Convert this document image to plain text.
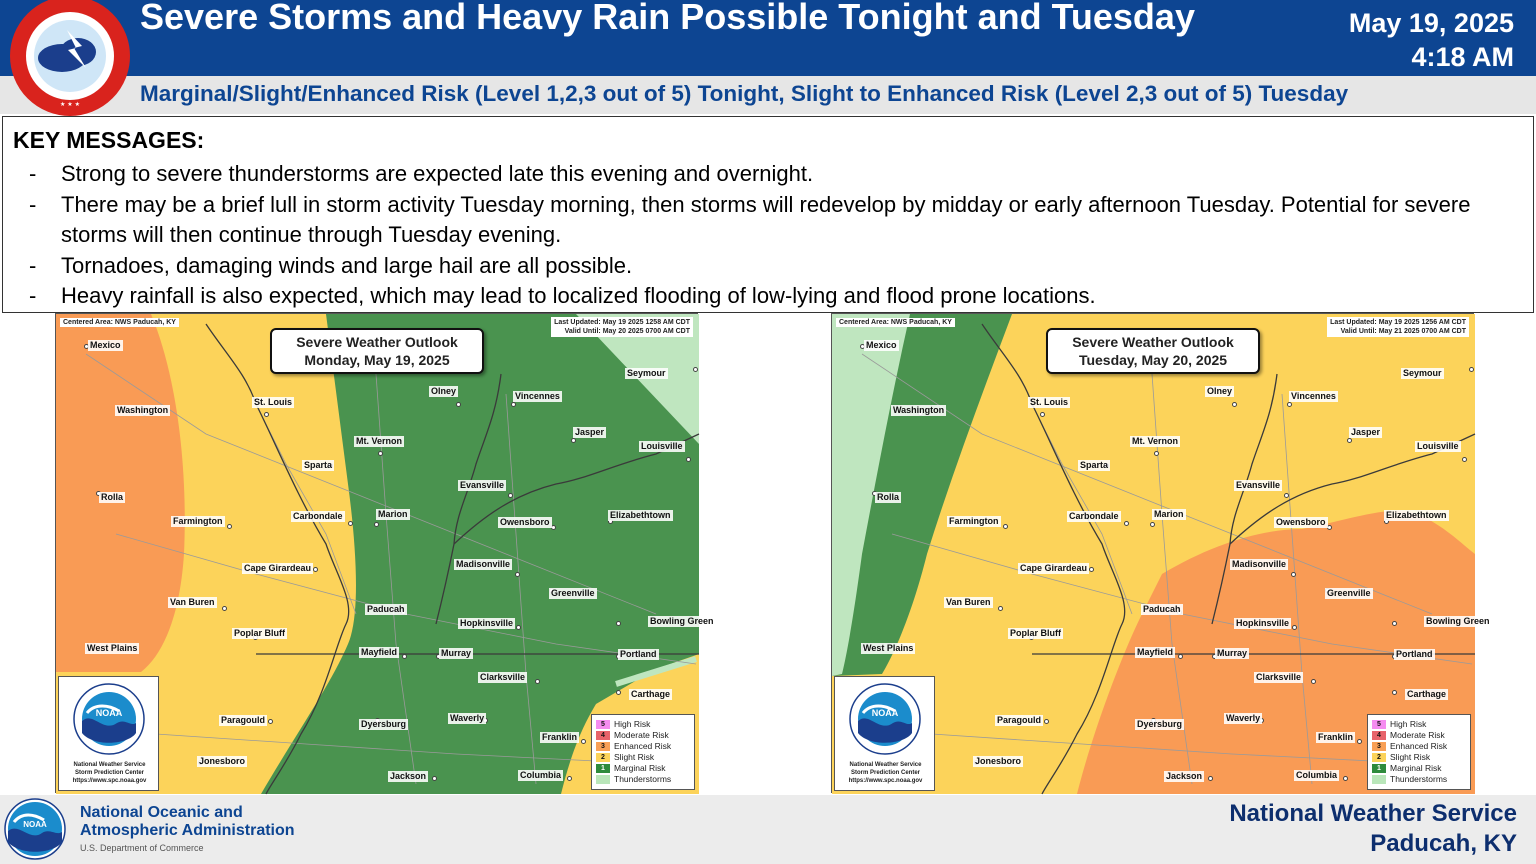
★ ★ ★
Severe Storms and Heavy Rain Possible Tonight and Tuesday	May 19, 2025
4:18 AM
Marginal/Slight/Enhanced Risk (Level 1,2,3 out of 5) Tonight, Slight to Enhanced Risk (Level 2,3 out of 5) Tuesday
KEY MESSAGES:
- Strong to severe thunderstorms are expected late this evening and overnight.
- There may be a brief lull in storm activity Tuesday morning, then storms will redevelop by midday or early afternoon Tuesday. Potential for severe storms will then continue through Tuesday evening.
- Tornadoes, damaging winds and large hail are all possible.
- Heavy rainfall is also expected, which may lead to localized flooding of low-lying and flood prone locations.
Centered Area: NWS Paducah, KY	Last Updated: May 19 2025 1258 AM CDT
Valid Until: May 20 2025 0700 AM CDT
Severe Weather Outlook
Monday, May 19, 2025
Mexico
St. Louis
Olney	Vincennes
Seymour
Washington
Jasper
Louisville
Mt. Vernon
Sparta
Evansville
Rolla
Farmington	Carbondale	Marion
Owensboro
Elizabethtown
Madisonville
Cape Girardeau
Greenville
Van Buren
Paducah
Poplar Bluff
Hopkinsville	Bowling Green
West Plains	Mayfield	Murray	Portland
Clarksville
Carthage
Paragould	Waverly
Dyersburg
Franklin
Jonesboro
Jackson	Columbia
NOAA
National Weather Service
Storm Prediction Center
https://www.spc.noaa.gov
5	High Risk
4	Moderate Risk
3	Enhanced Risk
2	Slight Risk
1	Marginal Risk
Thunderstorms
Centered Area: NWS Paducah, KY	Last Updated: May 19 2025 1256 AM CDT
Valid Until: May 21 2025 0700 AM CDT
Severe Weather Outlook
Tuesday, May 20, 2025
Mexico
St. Louis
Olney	Vincennes
Seymour
Washington
Jasper
Louisville
Mt. Vernon
Sparta
Evansville
Rolla
Farmington	Carbondale	Marion
Owensboro
Elizabethtown
Madisonville
Cape Girardeau
Greenville
Van Buren
Paducah
Poplar Bluff
Hopkinsville	Bowling Green
West Plains	Mayfield	Murray	Portland
Clarksville
Carthage
Paragould	Waverly
Dyersburg
Franklin
Jonesboro
Jackson	Columbia
NOAA
National Weather Service
Storm Prediction Center
https://www.spc.noaa.gov
5	High Risk
4	Moderate Risk
3	Enhanced Risk
2	Slight Risk
1	Marginal Risk
Thunderstorms
NOAA
National Oceanic and
Atmospheric Administration
U.S. Department of Commerce
National Weather Service
Paducah, KY
